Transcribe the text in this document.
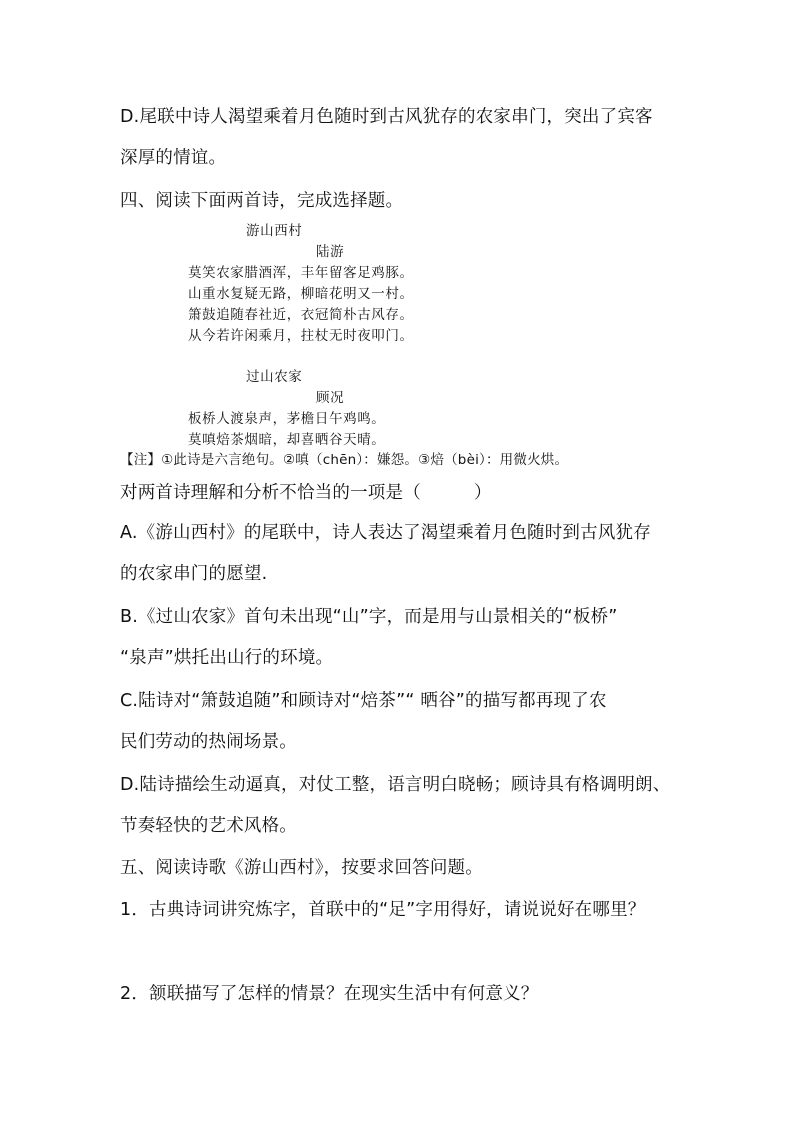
D.尾联中诗人渴望乘着月色随时到古风犹存的农家串门，突出了宾客

深厚的情谊。

四、阅读下面两首诗，完成选择题。

游山西村

陆游

莫笑农家腊酒浑，丰年留客足鸡豚。

山重水复疑无路，柳暗花明又一村。

箫鼓追随春社近，衣冠简朴古风存。

从今若许闲乘月，拄杖无时夜叩门。

过山农家

顾况

板桥人渡泉声，茅檐日午鸡鸣。

莫嗔焙茶烟暗，却喜晒谷天晴。

【注】①此诗是六言绝句。②嗔（chēn）：嫌怨。③焙（bèi）：用微火烘。

对两首诗理解和分析不恰当的一项是（　　　）

A.《游山西村》的尾联中，诗人表达了渴望乘着月色随时到古风犹存

的农家串门的愿望.

B.《过山农家》首句未出现“山”字，而是用与山景相关的“板桥”

“泉声”烘托出山行的环境。

C.陆诗对“箫鼓追随”和顾诗对“焙茶”“ 晒谷”的描写都再现了农

民们劳动的热闹场景。

D.陆诗描绘生动逼真，对仗工整，语言明白晓畅；顾诗具有格调明朗、

节奏轻快的艺术风格。

五、阅读诗歌《游山西村》，按要求回答问题。

1．古典诗词讲究炼字，首联中的“足”字用得好，请说说好在哪里？

2．颔联描写了怎样的情景？在现实生活中有何意义？
